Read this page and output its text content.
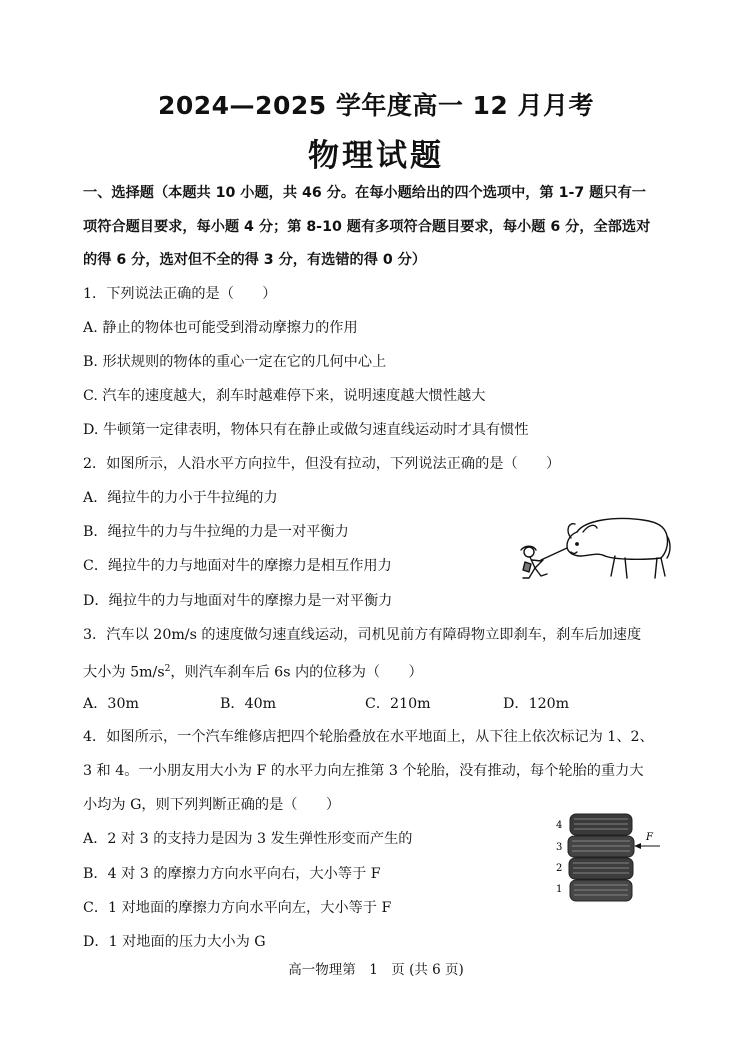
2024—2025 学年度高一 12 月月考
物理试题
一、选择题（本题共 10 小题，共 46 分。在每小题给出的四个选项中，第 1-7 题只有一
项符合题目要求，每小题 4 分；第 8-10 题有多项符合题目要求，每小题 6 分，全部选对
的得 6 分，选对但不全的得 3 分，有选错的得 0 分）
1．下列说法正确的是（　　）
A. 静止的物体也可能受到滑动摩擦力的作用
B. 形状规则的物体的重心一定在它的几何中心上
C. 汽车的速度越大，刹车时越难停下来，说明速度越大惯性越大
D. 牛顿第一定律表明，物体只有在静止或做匀速直线运动时才具有惯性
2．如图所示，人沿水平方向拉牛，但没有拉动，下列说法正确的是（　　）
A．绳拉牛的力小于牛拉绳的力
B．绳拉牛的力与牛拉绳的力是一对平衡力
C．绳拉牛的力与地面对牛的摩擦力是相互作用力
D．绳拉牛的力与地面对牛的摩擦力是一对平衡力
3．汽车以 20m/s 的速度做匀速直线运动，司机见前方有障碍物立即刹车，刹车后加速度
大小为 $5m/s^2$，则汽车刹车后 6s 内的位移为（　　）
A．30m	B．40m	C．210m	D．120m
4．如图所示，一个汽车维修店把四个轮胎叠放在水平地面上，从下往上依次标记为 1、2、
3 和 4。一小朋友用大小为 F 的水平力向左推第 3 个轮胎，没有推动，每个轮胎的重力大
小均为 G，则下列判断正确的是（　　）
A．2 对 3 的支持力是因为 3 发生弹性形变而产生的
B．4 对 3 的摩擦力方向水平向右，大小等于 F
C．1 对地面的摩擦力方向水平向左，大小等于 F
D．1 对地面的压力大小为 G
4
3
2
1
F
高一物理第　1　页 (共 6 页)
